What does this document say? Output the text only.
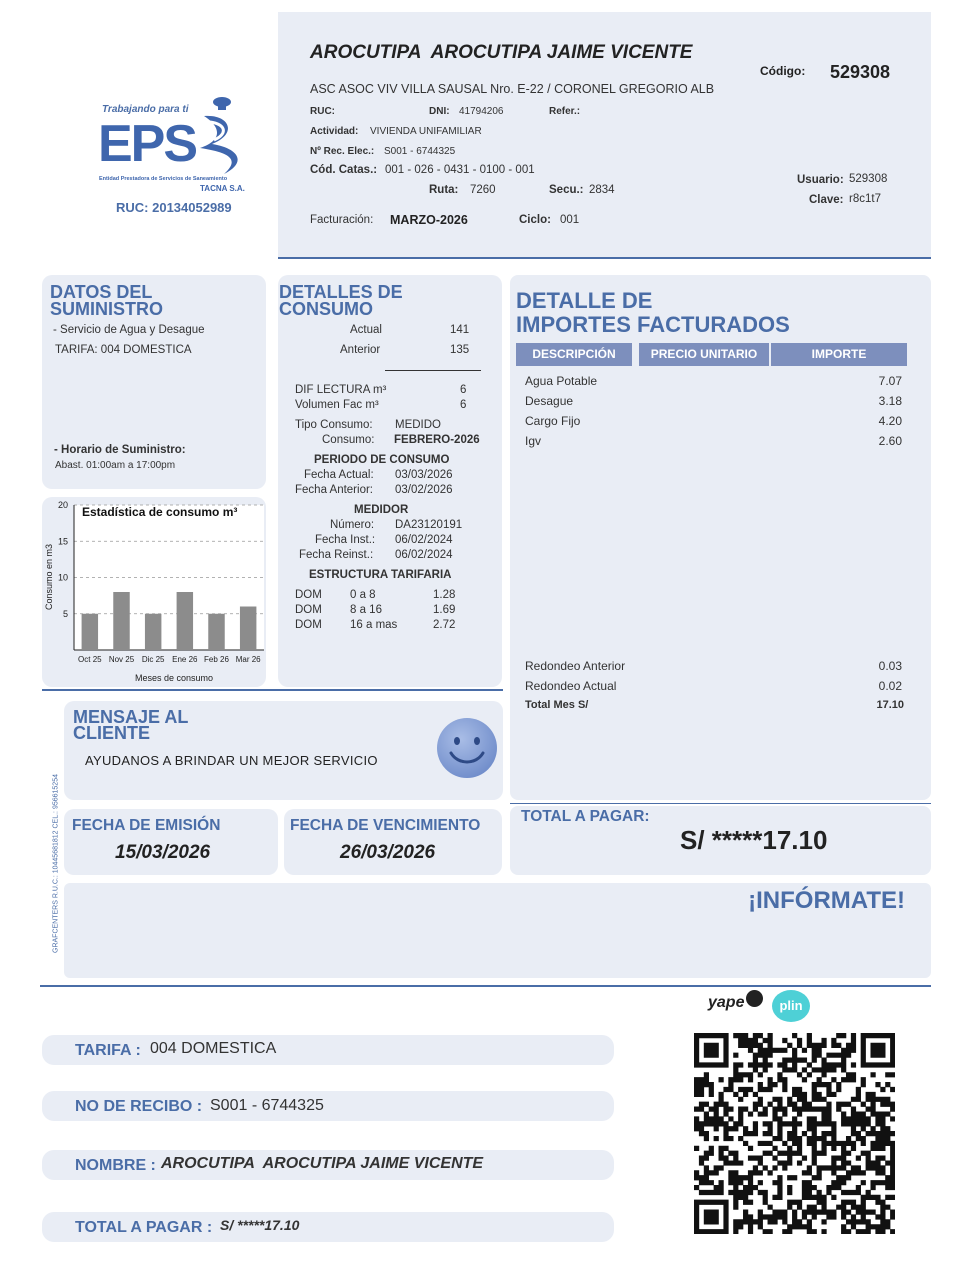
Trabajando para ti
EPS
Entidad Prestadora de Servicios de Saneamiento
TACNA S.A.
RUC: 20134052989
AROCUTIPA  AROCUTIPA JAIME VICENTE
ASC ASOC VIV VILLA SAUSAL Nro. E-22 / CORONEL GREGORIO ALB
Código: 529308
RUC:	DNI: 41794206	Refer.:
Actividad: VIVIENDA UNIFAMILIAR
Nº Rec. Elec.: S001 - 6744325
Cód. Catas.: 001 - 026 - 0431 - 0100 - 001
Ruta: 7260	Secu.: 2834
Usuario: 529308
Clave: r8c1t7
Facturación: MARZO-2026	Ciclo: 001
DATOS DEL
SUMINISTRO
- Servicio de Agua y Desague
TARIFA: 004 DOMESTICA
- Horario de Suministro:
Abast. 01:00am a 17:00pm
5
10
15
20
Oct 25 Nov 25 Dic 25 Ene 26 Feb 26 Mar 26
Estadística de consumo m³
Meses de consumo
Consumo en m3
DETALLES DE
CONSUMO
Actual	141
Anterior	135
DIF LECTURA m³	6
Volumen Fac m³	6
Tipo Consumo: MEDIDO
Consumo: FEBRERO-2026
PERIODO DE CONSUMO
Fecha Actual: 03/03/2026
Fecha Anterior: 03/02/2026
MEDIDOR
Número: DA23120191
Fecha Inst.: 06/02/2024
Fecha Reinst.: 06/02/2024
ESTRUCTURA TARIFARIA
DOM 0 a 8	1.28
DOM 8 a 16	1.69
DOM 16 a mas	2.72
DETALLE DE
IMPORTES FACTURADOS
DESCRIPCIÓN	PRECIO UNITARIO	IMPORTE
Agua Potable	7.07
Desague	3.18
Cargo Fijo	4.20
Igv	2.60
Redondeo Anterior	0.03
Redondeo Actual	0.02
Total Mes S/	17.10
MENSAJE AL
CLIENTE
AYUDANOS A BRINDAR UN MEJOR SERVICIO
GRAFCENTERS R.U.C.: 10445681812 CEL.: 956615254 FECHA DE EMISIÓN
15/03/2026
FECHA DE VENCIMIENTO
26/03/2026
TOTAL A PAGAR:
S/ *****17.10
¡INFÓRMATE!
yape	plin
TARIFA : 004 DOMESTICA
NO DE RECIBO : S001 - 6744325
NOMBRE : AROCUTIPA  AROCUTIPA JAIME VICENTE
TOTAL A PAGAR : S/ *****17.10
